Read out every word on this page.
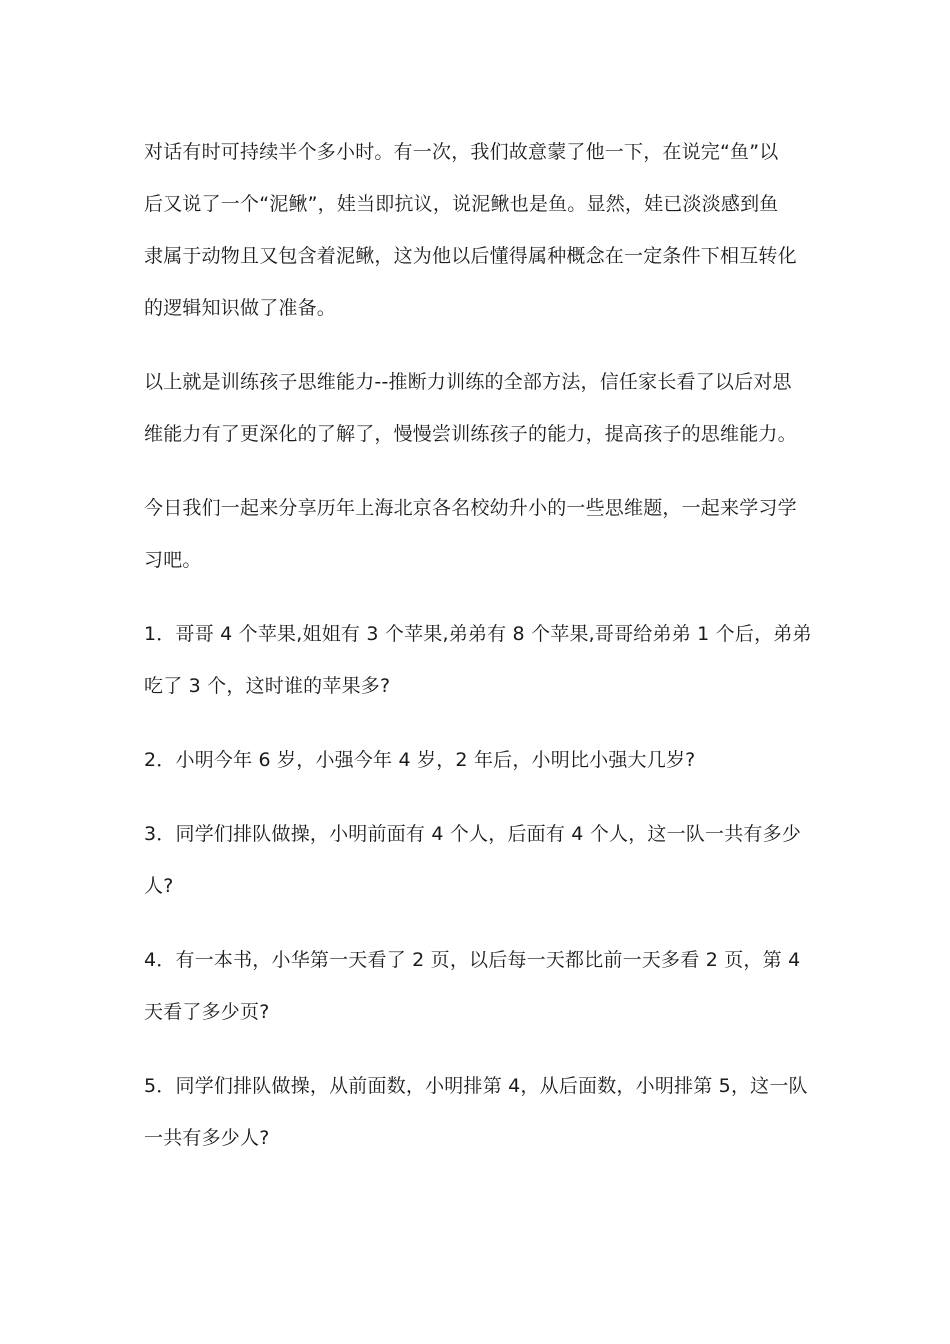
对话有时可持续半个多小时。有一次，我们故意蒙了他一下，在说完“鱼”以
后又说了一个“泥鳅”，娃当即抗议，说泥鳅也是鱼。显然，娃已淡淡感到鱼
隶属于动物且又包含着泥鳅，这为他以后懂得属种概念在一定条件下相互转化
的逻辑知识做了准备。

以上就是训练孩子思维能力--推断力训练的全部方法，信任家长看了以后对思
维能力有了更深化的了解了，慢慢尝训练孩子的能力，提高孩子的思维能力。

今日我们一起来分享历年上海北京各名校幼升小的一些思维题，一起来学习学
习吧。

1．哥哥 4 个苹果,姐姐有 3 个苹果,弟弟有 8 个苹果,哥哥给弟弟 1 个后，弟弟
吃了 3 个，这时谁的苹果多?

2．小明今年 6 岁，小强今年 4 岁，2 年后，小明比小强大几岁?

3．同学们排队做操，小明前面有 4 个人，后面有 4 个人，这一队一共有多少
人?

4．有一本书，小华第一天看了 2 页，以后每一天都比前一天多看 2 页，第 4
天看了多少页?

5．同学们排队做操，从前面数，小明排第 4，从后面数，小明排第 5，这一队
一共有多少人?
